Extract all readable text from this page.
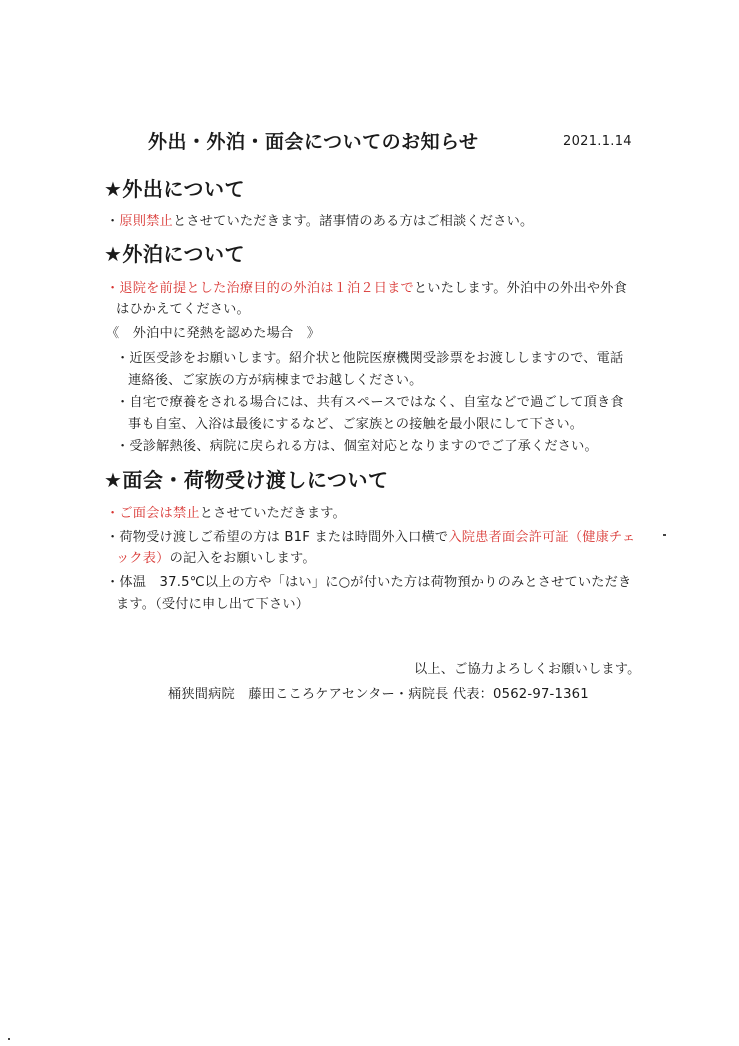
外出・外泊・面会についてのお知らせ	2021.1.14
★外出について
・原則禁止とさせていただきます。諸事情のある方はご相談ください。
★外泊について
・退院を前提とした治療目的の外泊は１泊２日までといたします。外泊中の外出や外食
はひかえてください。
《　外泊中に発熱を認めた場合　》
・近医受診をお願いします。紹介状と他院医療機関受診票をお渡ししますので、電話
連絡後、ご家族の方が病棟までお越しください。
・自宅で療養をされる場合には、共有スペースではなく、自室などで過ごして頂き食
事も自室、入浴は最後にするなど、ご家族との接触を最小限にして下さい。
・受診解熱後、病院に戻られる方は、個室対応となりますのでご了承ください。
★面会・荷物受け渡しについて
・ご面会は禁止とさせていただきます。
・荷物受け渡しご希望の方は B1F または時間外入口横で入院患者面会許可証（健康チェ
ック表）の記入をお願いします。
・体温　37.5℃以上の方や「はい」に○が付いた方は荷物預かりのみとさせていただき
ます。（受付に申し出て下さい）
以上、ご協力よろしくお願いします。
桶狭間病院　藤田こころケアセンター・病院長 代表：0562-97-1361
